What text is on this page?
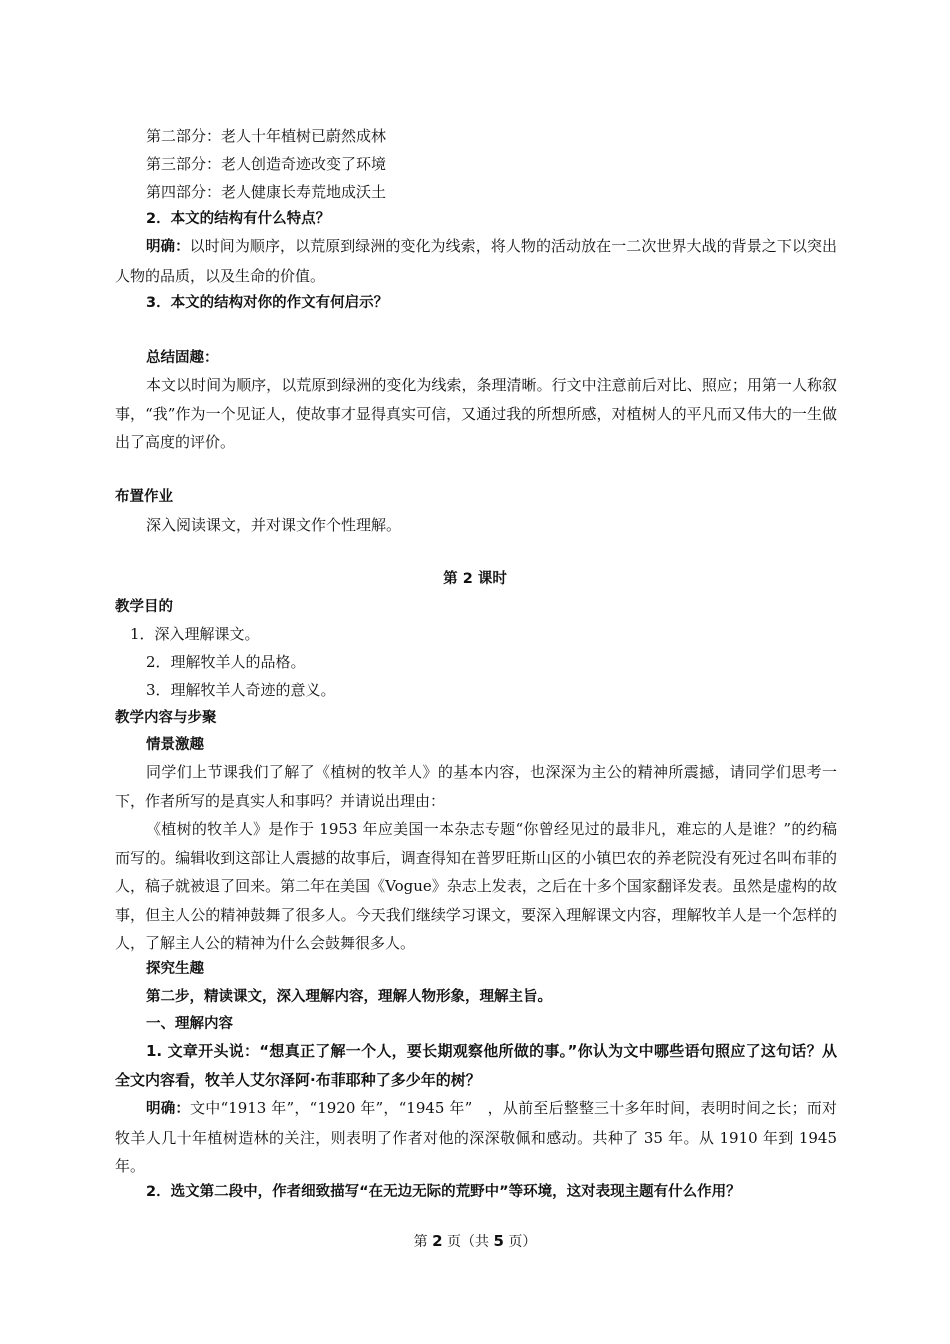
第二部分：老人十年植树已蔚然成林
第三部分：老人创造奇迹改变了环境
第四部分：老人健康长寿荒地成沃土
2．本文的结构有什么特点？
明确：以时间为顺序，以荒原到绿洲的变化为线索，将人物的活动放在一二次世界大战的背景之下以突出人物的品质，以及生命的价值。
3．本文的结构对你的作文有何启示？
总结固趣：
本文以时间为顺序，以荒原到绿洲的变化为线索，条理清晰。行文中注意前后对比、照应；用第一人称叙事，“我”作为一个见证人，使故事才显得真实可信，又通过我的所想所感，对植树人的平凡而又伟大的一生做出了高度的评价。
布置作业
深入阅读课文，并对课文作个性理解。
第 2 课时
教学目的
1．深入理解课文。
2．理解牧羊人的品格。
3．理解牧羊人奇迹的意义。
教学内容与步聚
情景激趣
同学们上节课我们了解了《植树的牧羊人》的基本内容，也深深为主公的精神所震撼，请同学们思考一下，作者所写的是真实人和事吗？并请说出理由：
《植树的牧羊人》是作于 1953 年应美国一本杂志专题“你曾经见过的最非凡，难忘的人是谁？”的约稿而写的。编辑收到这部让人震撼的故事后，调查得知在普罗旺斯山区的小镇巴农的养老院没有死过名叫布菲的人，稿子就被退了回来。第二年在美国《Vogue》杂志上发表，之后在十多个国家翻译发表。虽然是虚构的故事，但主人公的精神鼓舞了很多人。今天我们继续学习课文，要深入理解课文内容，理解牧羊人是一个怎样的人，了解主人公的精神为什么会鼓舞很多人。
探究生趣
第二步，精读课文，深入理解内容，理解人物形象，理解主旨。
一、理解内容
1. 文章开头说：“想真正了解一个人，要长期观察他所做的事。”你认为文中哪些语句照应了这句话？从全文内容看，牧羊人艾尔泽阿·布菲耶种了多少年的树？
明确：文中“1913 年”，“1920 年”，“1945 年”　，从前至后整整三十多年时间，表明时间之长；而对牧羊人几十年植树造林的关注，则表明了作者对他的深深敬佩和感动。共种了 35 年。从 1910 年到 1945 年。
2．选文第二段中，作者细致描写“在无边无际的荒野中”等环境，这对表现主题有什么作用？
第 2 页（共 5 页）
